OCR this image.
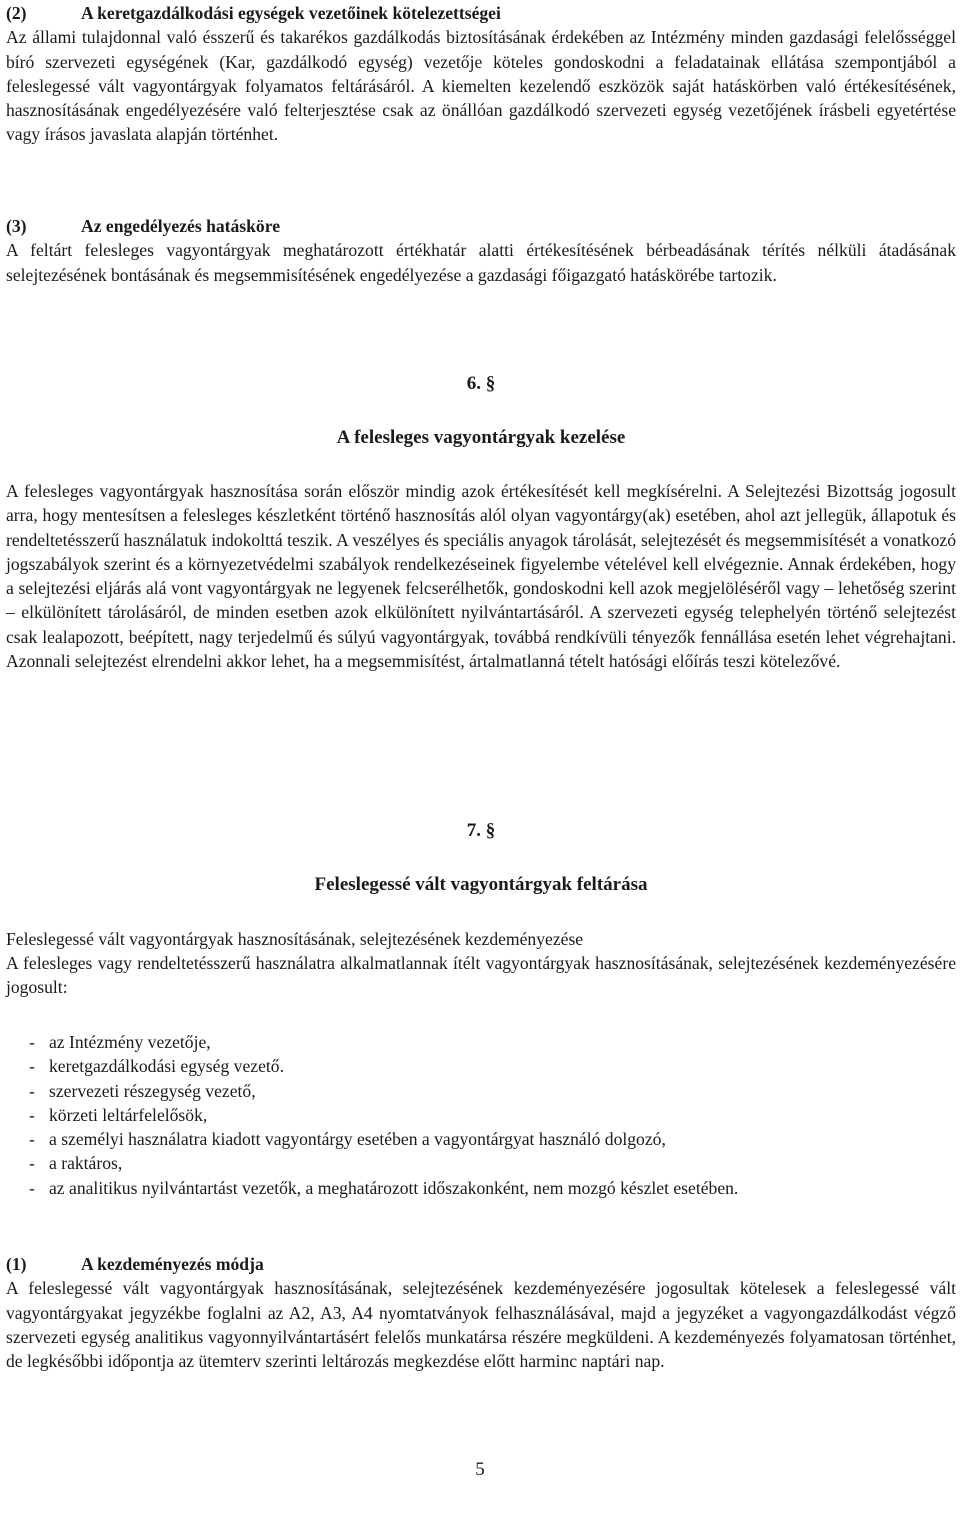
(2)	A keretgazdálkodási egységek vezetőinek kötelezettségei
Az állami tulajdonnal való ésszerű és takarékos gazdálkodás biztosításának érdekében az Intézmény minden gazdasági felelősséggel bíró szervezeti egységének (Kar, gazdálkodó egység) vezetője köteles gondoskodni a feladatainak ellátása szempontjából a feleslegessé vált vagyontárgyak folyamatos feltárásáról. A kiemelten kezelendő eszközök saját hatáskörben való értékesítésének, hasznosításának engedélyezésére való felterjesztése csak az önállóan gazdálkodó szervezeti egység vezetőjének írásbeli egyetértése vagy írásos javaslata alapján történhet.
(3)	Az engedélyezés hatásköre
A feltárt felesleges vagyontárgyak meghatározott értékhatár alatti értékesítésének bérbeadásának térítés nélküli átadásának selejtezésének bontásának és megsemmisítésének engedélyezése a gazdasági főigazgató hatáskörébe tartozik.
6. §
A felesleges vagyontárgyak kezelése
A felesleges vagyontárgyak hasznosítása során először mindig azok értékesítését kell megkísérelni. A Selejtezési Bizottság jogosult arra, hogy mentesítsen a felesleges készletként történő hasznosítás alól olyan vagyontárgy(ak) esetében, ahol azt jellegük, állapotuk és rendeltetésszerű használatuk indokolttá teszik. A veszélyes és speciális anyagok tárolását, selejtezését és megsemmisítését a vonatkozó jogszabályok szerint és a környezetvédelmi szabályok rendelkezéseinek figyelembe vételével kell elvégeznie. Annak érdekében, hogy a selejtezési eljárás alá vont vagyontárgyak ne legyenek felcserélhetők, gondoskodni kell azok megjelöléséről vagy – lehetőség szerint – elkülönített tárolásáról, de minden esetben azok elkülönített nyilvántartásáról. A szervezeti egység telephelyén történő selejtezést csak lealapozott, beépített, nagy terjedelmű és súlyú vagyontárgyak, továbbá rendkívüli tényezők fennállása esetén lehet végrehajtani. Azonnali selejtezést elrendelni akkor lehet, ha a megsemmisítést, ártalmatlanná tételt hatósági előírás teszi kötelezővé.
7. §
Feleslegessé vált vagyontárgyak feltárása
Feleslegessé vált vagyontárgyak hasznosításának, selejtezésének kezdeményezése
A felesleges vagy rendeltetésszerű használatra alkalmatlannak ítélt vagyontárgyak hasznosításának, selejtezésének kezdeményezésére jogosult:
- az Intézmény vezetője,
- keretgazdálkodási egység vezető.
- szervezeti részegység vezető,
- körzeti leltárfelelősök,
- a személyi használatra kiadott vagyontárgy esetében a vagyontárgyat használó dolgozó,
- a raktáros,
- az analitikus nyilvántartást vezetők, a meghatározott időszakonként, nem mozgó készlet esetében.
(1)	A kezdeményezés módja
A feleslegessé vált vagyontárgyak hasznosításának, selejtezésének kezdeményezésére jogosultak kötelesek a feleslegessé vált vagyontárgyakat jegyzékbe foglalni az A2, A3, A4 nyomtatványok felhasználásával, majd a jegyzéket a vagyongazdálkodást végző szervezeti egység analitikus vagyonnyilvántartásért felelős munkatársa részére megküldeni. A kezdeményezés folyamatosan történhet, de legkésőbbi időpontja az ütemterv szerinti leltározás megkezdése előtt harminc naptári nap.
5
